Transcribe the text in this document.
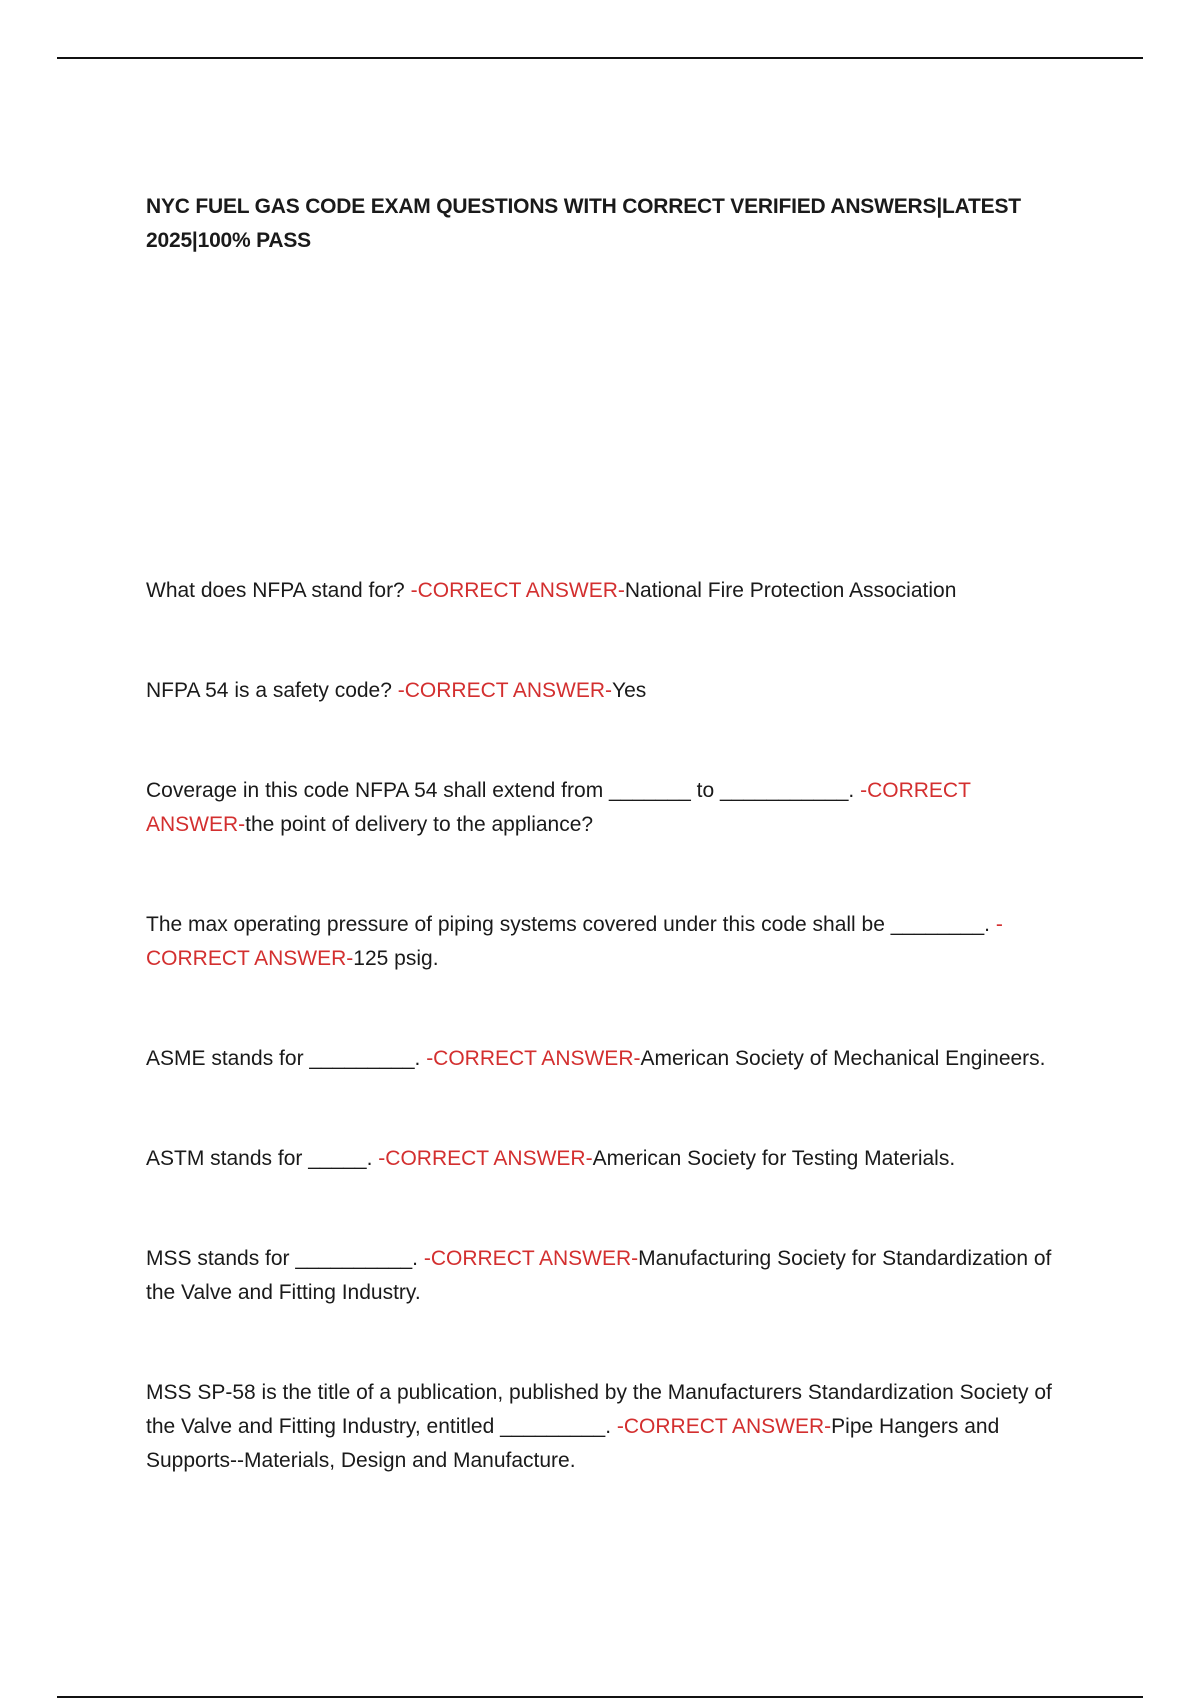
NYC FUEL GAS CODE EXAM QUESTIONS WITH CORRECT VERIFIED ANSWERS|LATEST 2025|100% PASS

What does NFPA stand for? -CORRECT ANSWER-National Fire Protection Association

NFPA 54 is a safety code? -CORRECT ANSWER-Yes

Coverage in this code NFPA 54 shall extend from _______ to ___________. -CORRECT ANSWER-the point of delivery to the appliance?

The max operating pressure of piping systems covered under this code shall be ________. -CORRECT ANSWER-125 psig.

ASME stands for _________. -CORRECT ANSWER-American Society of Mechanical Engineers.

ASTM stands for _____. -CORRECT ANSWER-American Society for Testing Materials.

MSS stands for __________. -CORRECT ANSWER-Manufacturing Society for Standardization of the Valve and Fitting Industry.

MSS SP-58 is the title of a publication, published by the Manufacturers Standardization Society of the Valve and Fitting Industry, entitled _________. -CORRECT ANSWER-Pipe Hangers and Supports--Materials, Design and Manufacture.
